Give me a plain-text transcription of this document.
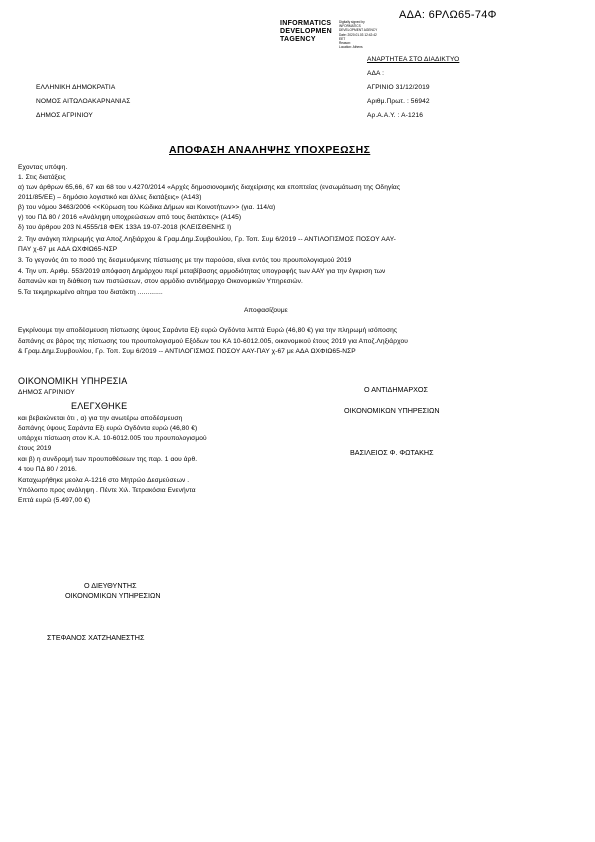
ΑΔΑ: 6ΡΛΩ65-74Φ
INFORMATICS
DEVELOPMEN
TAGENCY
Digitally signed by
INFORMATICS
DEVELOPMENT AGENCY
Date: 2020.01.03 12:42:42
EET
Reason:
Location: Athens
ΑΝΑΡΤΗΤΕΑ ΣΤΟ ΔΙΑΔΙΚΤΥΟ
ΑΔΑ :
ΑΓΡΙΝΙΟ 31/12/2019
Αριθμ.Πρωτ. : 56942
Αρ.Α.Α.Υ. : Α-1216
ΕΛΛΗΝΙΚΗ ΔΗΜΟΚΡΑΤΙΑ
ΝΟΜΟΣ ΑΙΤΩΛΟΑΚΑΡΝΑΝΙΑΣ
ΔΗΜΟΣ ΑΓΡΙΝΙΟΥ
ΑΠΟΦΑΣΗ ΑΝΑΛΗΨΗΣ ΥΠΟΧΡΕΩΣΗΣ
Εχοντας υπόψη.
1. Στις διατάξεις
α) των άρθρων 65,66, 67 και 68 του ν.4270/2014 «Αρχές δημοσιονομικής διαχείρισης και εποπτείας (ενσωμάτωση της Οδηγίας
2011/85/ΕΕ) – δημόσιο λογιστικό και άλλες διατάξεις» (Α143)
β) του νόμου 3463/2006 <<Κύρωση του Κώδικα Δήμων και Κοινοτήτων>> (για. 114/α)
γ) του ΠΔ 80 / 2016 «Ανάληψη υποχρεώσεων από τους διατάκτες» (Α145)
δ) του άρθρου 203 Ν.4555/18 ΦΕΚ 133Α 19-07-2018 (ΚΛΕΙΣΘΕΝΗΣ Ι)
2. Την ανάγκη πληρωμής για Αποζ.Ληξιάρχου & Γραμ.Δημ.Συμβουλίου, Γρ. Τοπ. Συμ 6/2019 -- ΑΝΤΙΛΟΓΙΣΜΟΣ ΠΟΣΟΥ ΑΑΥ-
ΠΑΥ χ-67 με ΑΔΑ ΩΧΦΙΩ65-ΝΣΡ
3. Το γεγονός ότι το ποσό της δεσμευόμενης πίστωσης με την παρούσα, είναι εντός του προυπολογισμού 2019
4. Την υπ. Αριθμ. 553/2019 απόφαση Δημάρχου περί μεταβίβασης αρμοδιότητας υπογραφής των ΑΑΥ για την έγκριση των
δαπανών και τη διάθεση των πιστώσεων, στον αρμόδιο αντιδήμαρχο Οικονομικών Υπηρεσιών.
5.Τα τεκμηριωμένο αίτημα του διατάκτη .............
Αποφασίζουμε
Εγκρίνουμε την αποδέσμευση πίστωσης ύψους Σαράντα Εξι ευρώ Ογδόντα λεπτά Ευρώ (46,80 €) για την πληρωμή ισόποσης
δαπάνης σε βάρος της πίστωσης του προυπολογισμού Εξόδων του ΚΑ 10-6012.005, οικονομικού έτους 2019 για Αποζ.Ληξιάρχου
& Γραμ.Δημ.Συμβουλίου, Γρ. Τοπ. Συμ 6/2019 -- ΑΝΤΙΛΟΓΙΣΜΟΣ ΠΟΣΟΥ ΑΑΥ-ΠΑΥ χ-67 με ΑΔΑ ΩΧΦΙΩ65-ΝΣΡ
ΟΙΚΟΝΟΜΙΚΗ ΥΠΗΡΕΣΙΑ
ΔΗΜΟΣ ΑΓΡΙΝΙΟΥ
ΕΛΕΓΧΘΗΚΕ
και βεβαιώνεται ότι , α) για την ανωτέρω αποδέσμευση
δαπάνης ύψους Σαράντα Εξι ευρώ Ογδόντα ευρώ (46,80 €)
υπάρχει πίστωση στον Κ.Α. 10-6012.005 του προυπολογισμού
έτους 2019
και β) η συνδρομή των προυποθέσεων της παρ. 1 αου άρθ.
4 του ΠΔ 80 / 2016.
Καταχωρήθηκε μεολα Α-1216 στο Μητρώο Δεσμεύσεων .
Υπόλοιπο προς ανάληψη . Πέντε Χιλ. Τετρακόσια Ενενήντα
Επτά ευρώ (5.497,00 €)
Ο ΑΝΤΙΔΗΜΑΡΧΟΣ
ΟΙΚΟΝΟΜΙΚΩΝ ΥΠΗΡΕΣΙΩΝ
ΒΑΣΙΛΕΙΟΣ Φ. ΦΩΤΑΚΗΣ
Ο ΔΙΕΥΘΥΝΤΗΣ
ΟΙΚΟΝΟΜΙΚΩΝ ΥΠΗΡΕΣΙΩΝ
ΣΤΕΦΑΝΟΣ ΧΑΤΖΗΑΝΕΣΤΗΣ
